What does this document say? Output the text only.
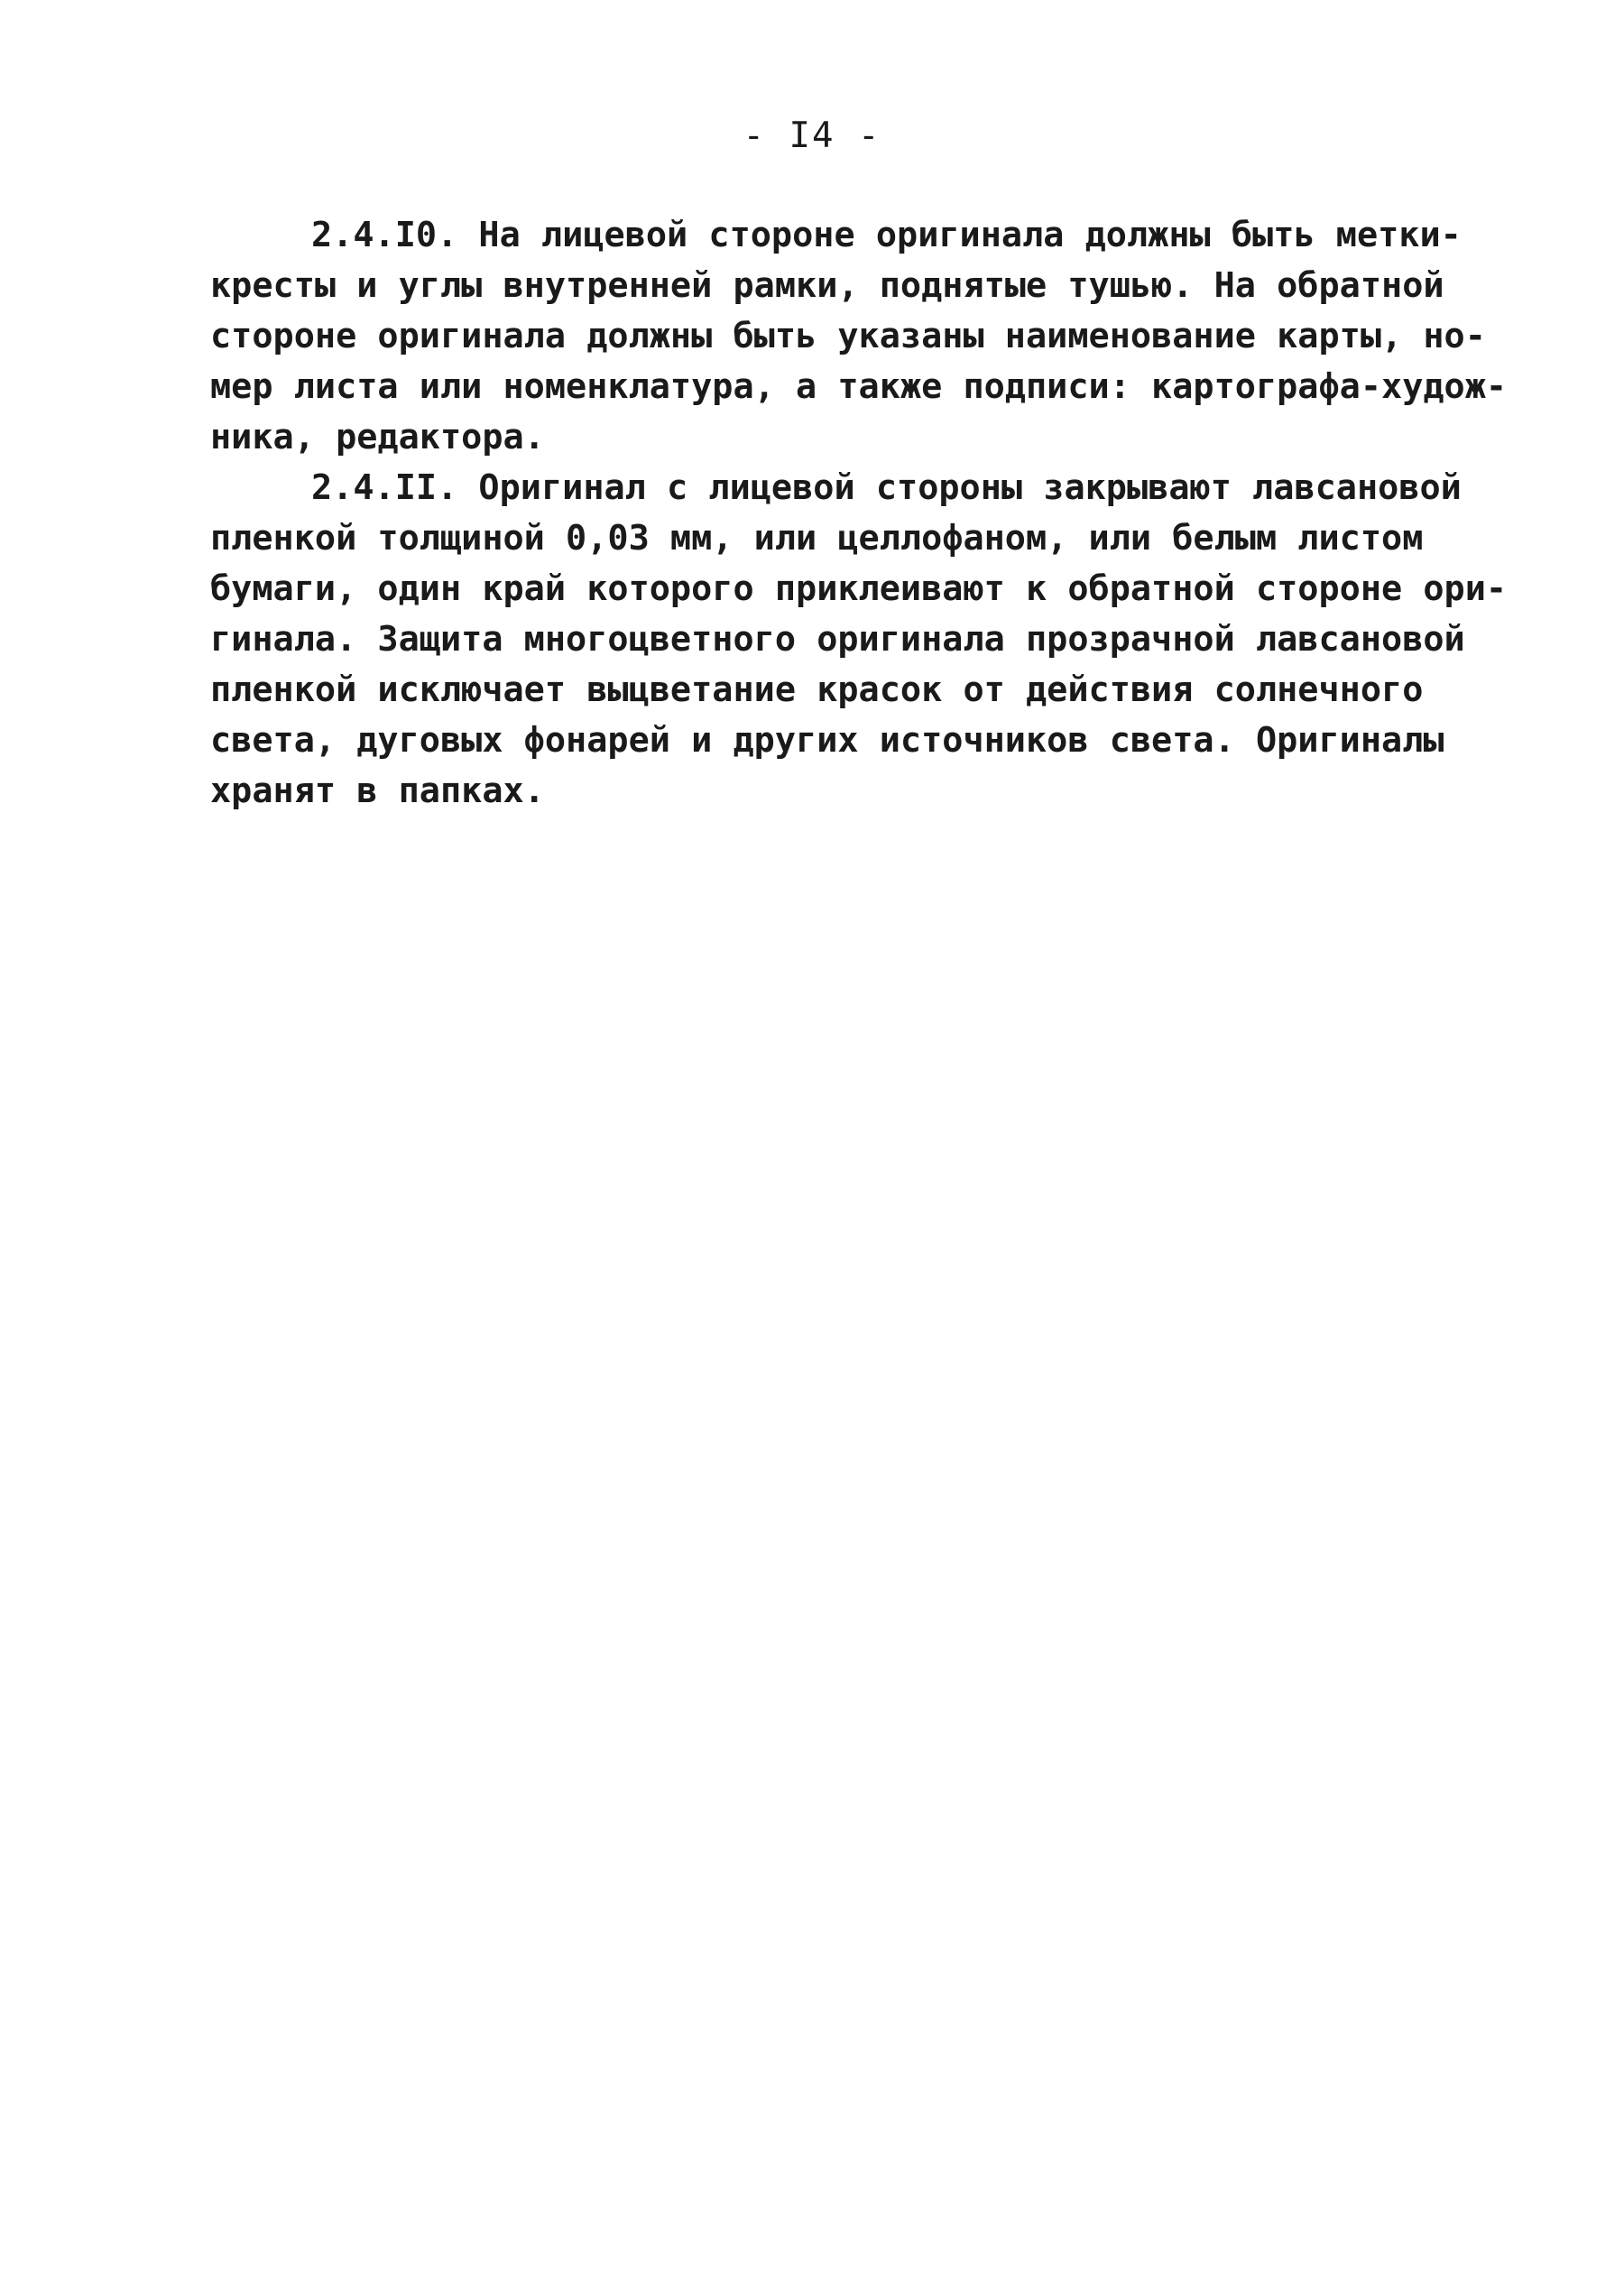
- I4 -
2.4.I0. На лицевой стороне оригинала должны быть метки-
кресты и углы внутренней рамки, поднятые тушью. На обратной
стороне оригинала должны быть указаны наименование карты, но-
мер листа или номенклатура, а также подписи: картографа-худож-
ника, редактора.
2.4.II. Оригинал с лицевой стороны закрывают лавсановой
пленкой толщиной 0,03 мм, или целлофаном, или белым листом
бумаги, один край которого приклеивают к обратной стороне ори-
гинала. Защита многоцветного оригинала прозрачной лавсановой
пленкой исключает выцветание красок от действия солнечного
света, дуговых фонарей и других источников света. Оригиналы
хранят в папках.
